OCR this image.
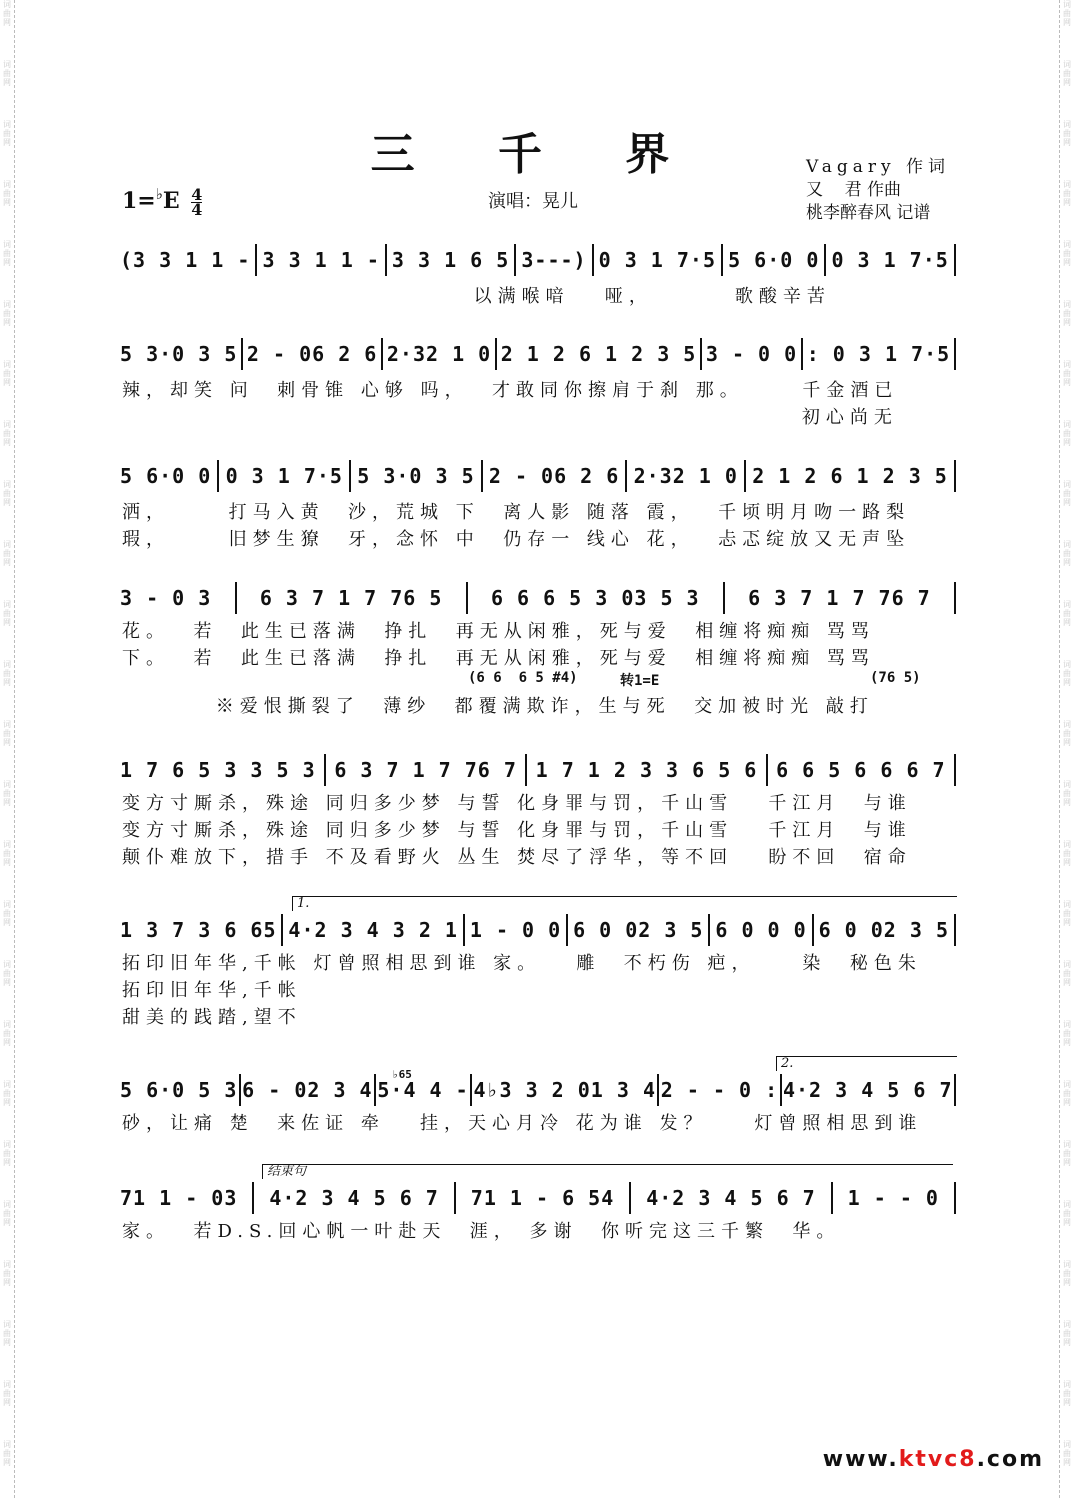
词
曲
网
词
曲
网
词
曲
网
词
曲
网
词
曲
网
词
曲
网
词
曲
网
词
曲
网
词
曲
网
词
曲
网
词
曲
网
词
曲
网
词
曲
网
词
曲
网
词
曲
网
词
曲
网
词
曲
网
词
曲
网
词
曲
网
词
曲
网
词
曲
网
词
曲
网
词
曲
网
词
曲
网
词
曲
网
词
曲
网
词
曲
网
词
曲
网
词
曲
网
词
曲
网
词
曲
网
词
曲
网
词
曲
网
词
曲
网
词
曲
网
词
曲
网
词
曲
网
词
曲
网
词
曲
网
词
曲
网
词
曲
网
词
曲
网
词
曲
网
词
曲
网
词
曲
网
词
曲
网
词
曲
网
词
曲
网
词
曲
网
词
曲
网
三 千 界
$1=^♭E \frac{4}{4}$	演唱：晃儿
Vagary 作词
又    君 作曲
桃李醉春风 记谱
(3 3 1 1 - 3 3 1 1 - 3 3 1 6 5 3---) 0 3 1 7·5 5 6·0 0 0 3 1 7·5
以满喉喑   哑，       歌酸辛苦
5 3·0 3 5 2 - 06 2 6 2·32 1 0 2 1 2 6 1 2 3 5 3 - 0 0 : 0 3 1 7·5
辣，却笑 问  刺骨锥 心够 吗，  才敢同你擦肩于刹 那。     千金酒已
初心尚无
5 6·0 0 0 3 1 7·5 5 3·0 3 5 2 - 06 2 6 2·32 1 0 2 1 2 6 1 2 3 5
洒，     打马入黄  沙，荒城 下  离人影 随落 霞，  千顷明月吻一路梨
瑕，     旧梦生獠  牙，念怀 中  仍存一 线心 花，  忐忑绽放又无声坠
3 - 0 3 6 3 7 1 7 76 5 6 6 6 5 3 03 5 3 6 3 7 1 7 76 7
花。  若  此生已落满  挣扎  再无从闲雅，死与爱  相缠将痴痴 骂骂
下。  若  此生已落满  挣扎  再无从闲雅，死与爱  相缠将痴痴 骂骂
※爱恨撕裂了  薄纱  都覆满欺诈，生与死  交加被时光 敲打
(6 6  6 5 #4)	转1=E	(76 5)
1 7 6 5 3 3 5 3 6 3 7 1 7 76 7 1 7 1 2 3 3 6 5 6 6 6 5 6 6 6 7
变方寸厮杀，殊途 同归多少梦 与誓 化身罪与罚，千山雪   千江月  与谁
变方寸厮杀，殊途 同归多少梦 与誓 化身罪与罚，千山雪   千江月  与谁
颠仆难放下，措手 不及看野火 丛生 焚尽了浮华，等不回   盼不回  宿命
1 3 7 3 6 65 4·2 3 4 3 2 1 1 - 0 0 6 0 02 3 5 6 0 0 0 6 0 02 3 5
拓印旧年华,千帐 灯曾照相思到谁 家。   雕  不朽伤 疤，    染  秘色朱
拓印旧年华,千帐
甜美的践踏,望不
1.
5 6·0 5 3 6 - 02 3 4 5·4 4 - 4♭3 3 2 01 3 4 2 - - 0 : 4·2 3 4 5 6 7
砂，让痛 楚  来佐证 牵   挂，天心月冷 花为谁 发？    灯曾照相思到谁
2.
♭65
71 1 - 03 4·2 3 4 5 6 7 71 1 - 6 54 4·2 3 4 5 6 7 1 - - 0
家。  若D.S.回心帆一叶赴天  涯， 多谢  你听完这三千繁  华。
结束句
www.ktvc8.com
